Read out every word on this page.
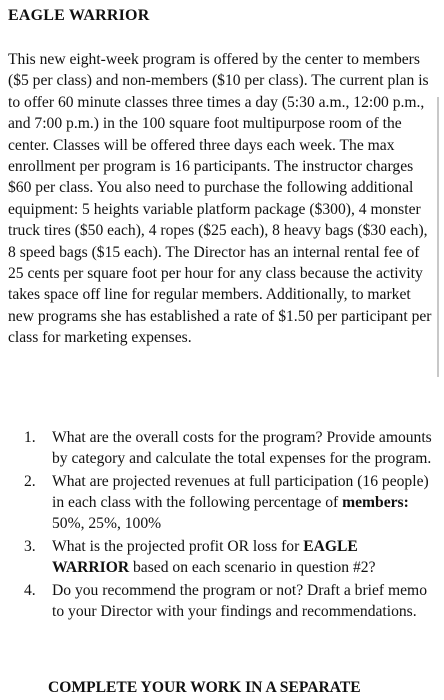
EAGLE WARRIOR

This new eight-week program is offered by the center to members ($5 per class) and non-members ($10 per class). The current plan is to offer 60 minute classes three times a day (5:30 a.m., 12:00 p.m., and 7:00 p.m.) in the 100 square foot multipurpose room of the center. Classes will be offered three days each week. The max enrollment per program is 16 participants. The instructor charges $60 per class. You also need to purchase the following additional equipment: 5 heights variable platform package ($300), 4 monster truck tires ($50 each), 4 ropes ($25 each), 8 heavy bags ($30 each), 8 speed bags ($15 each). The Director has an internal rental fee of 25 cents per square foot per hour for any class because the activity takes space off line for regular members. Additionally, to market new programs she has established a rate of $1.50 per participant per class for marketing expenses.

1. What are the overall costs for the program? Provide amounts by category and calculate the total expenses for the program.
2. What are projected revenues at full participation (16 people) in each class with the following percentage of members: 50%, 25%, 100%
3. What is the projected profit OR loss for EAGLE WARRIOR based on each scenario in question #2?
4. Do you recommend the program or not? Draft a brief memo to your Director with your findings and recommendations.
COMPLETE YOUR WORK IN A SEPARATE
